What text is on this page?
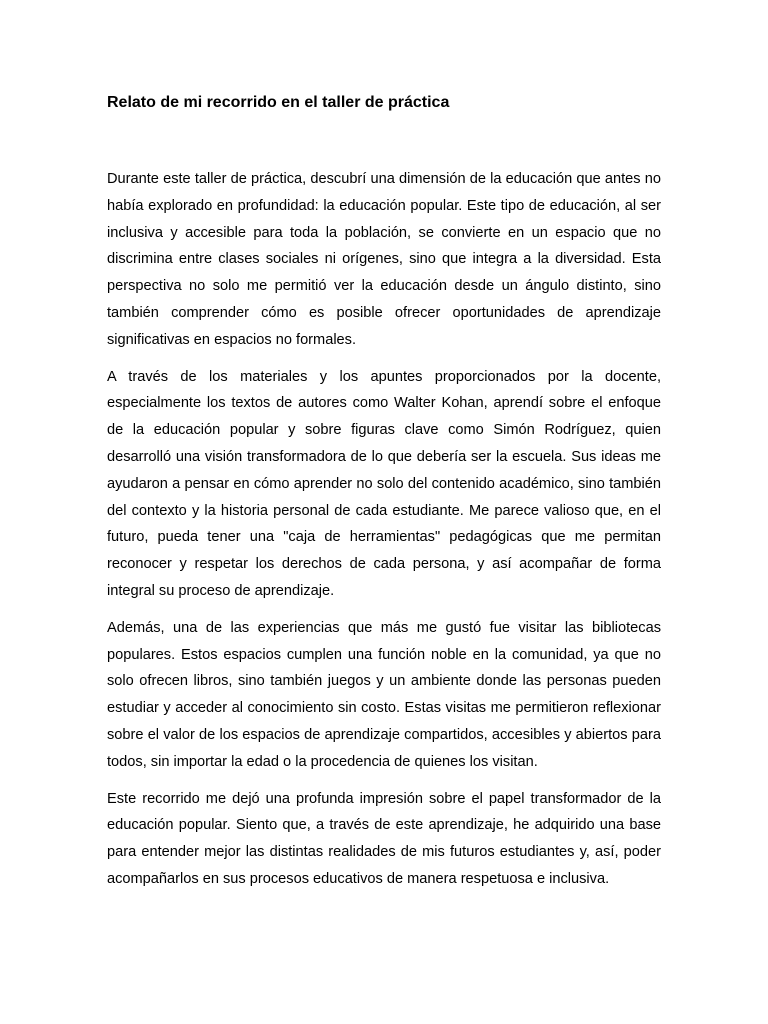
Relato de mi recorrido en el taller de práctica

Durante este taller de práctica, descubrí una dimensión de la educación que antes no había explorado en profundidad: la educación popular. Este tipo de educación, al ser inclusiva y accesible para toda la población, se convierte en un espacio que no discrimina entre clases sociales ni orígenes, sino que integra a la diversidad. Esta perspectiva no solo me permitió ver la educación desde un ángulo distinto, sino también comprender cómo es posible ofrecer oportunidades de aprendizaje significativas en espacios no formales.

A través de los materiales y los apuntes proporcionados por la docente, especialmente los textos de autores como Walter Kohan, aprendí sobre el enfoque de la educación popular y sobre figuras clave como Simón Rodríguez, quien desarrolló una visión transformadora de lo que debería ser la escuela. Sus ideas me ayudaron a pensar en cómo aprender no solo del contenido académico, sino también del contexto y la historia personal de cada estudiante. Me parece valioso que, en el futuro, pueda tener una "caja de herramientas" pedagógicas que me permitan reconocer y respetar los derechos de cada persona, y así acompañar de forma integral su proceso de aprendizaje.

Además, una de las experiencias que más me gustó fue visitar las bibliotecas populares. Estos espacios cumplen una función noble en la comunidad, ya que no solo ofrecen libros, sino también juegos y un ambiente donde las personas pueden estudiar y acceder al conocimiento sin costo. Estas visitas me permitieron reflexionar sobre el valor de los espacios de aprendizaje compartidos, accesibles y abiertos para todos, sin importar la edad o la procedencia de quienes los visitan.

Este recorrido me dejó una profunda impresión sobre el papel transformador de la educación popular. Siento que, a través de este aprendizaje, he adquirido una base para entender mejor las distintas realidades de mis futuros estudiantes y, así, poder acompañarlos en sus procesos educativos de manera respetuosa e inclusiva.
